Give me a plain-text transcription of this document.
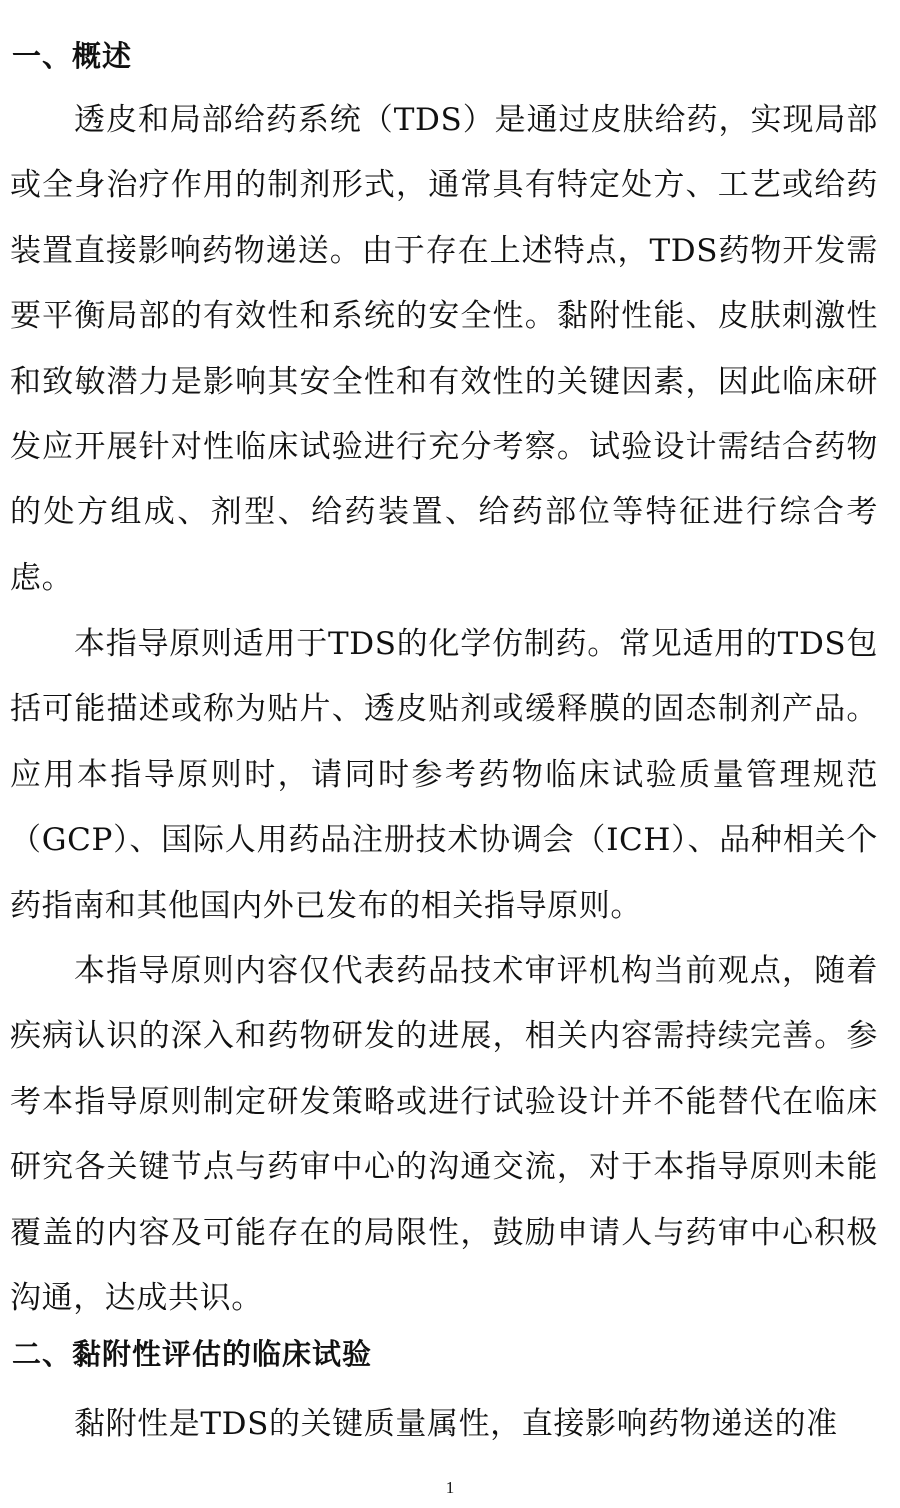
一、概述

透皮和局部给药系统（TDS）是通过皮肤给药，实现局部或全身治疗作用的制剂形式，通常具有特定处方、工艺或给药装置直接影响药物递送。由于存在上述特点，TDS药物开发需要平衡局部的有效性和系统的安全性。黏附性能、皮肤刺激性和致敏潜力是影响其安全性和有效性的关键因素，因此临床研发应开展针对性临床试验进行充分考察。试验设计需结合药物的处方组成、剂型、给药装置、给药部位等特征进行综合考虑。

本指导原则适用于TDS的化学仿制药。常见适用的TDS包括可能描述或称为贴片、透皮贴剂或缓释膜的固态制剂产品。应用本指导原则时，请同时参考药物临床试验质量管理规范（GCP）、国际人用药品注册技术协调会（ICH）、品种相关个药指南和其他国内外已发布的相关指导原则。

本指导原则内容仅代表药品技术审评机构当前观点，随着疾病认识的深入和药物研发的进展，相关内容需持续完善。参考本指导原则制定研发策略或进行试验设计并不能替代在临床研究各关键节点与药审中心的沟通交流，对于本指导原则未能覆盖的内容及可能存在的局限性，鼓励申请人与药审中心积极沟通，达成共识。

二、黏附性评估的临床试验

黏附性是TDS的关键质量属性，直接影响药物递送的准

1
